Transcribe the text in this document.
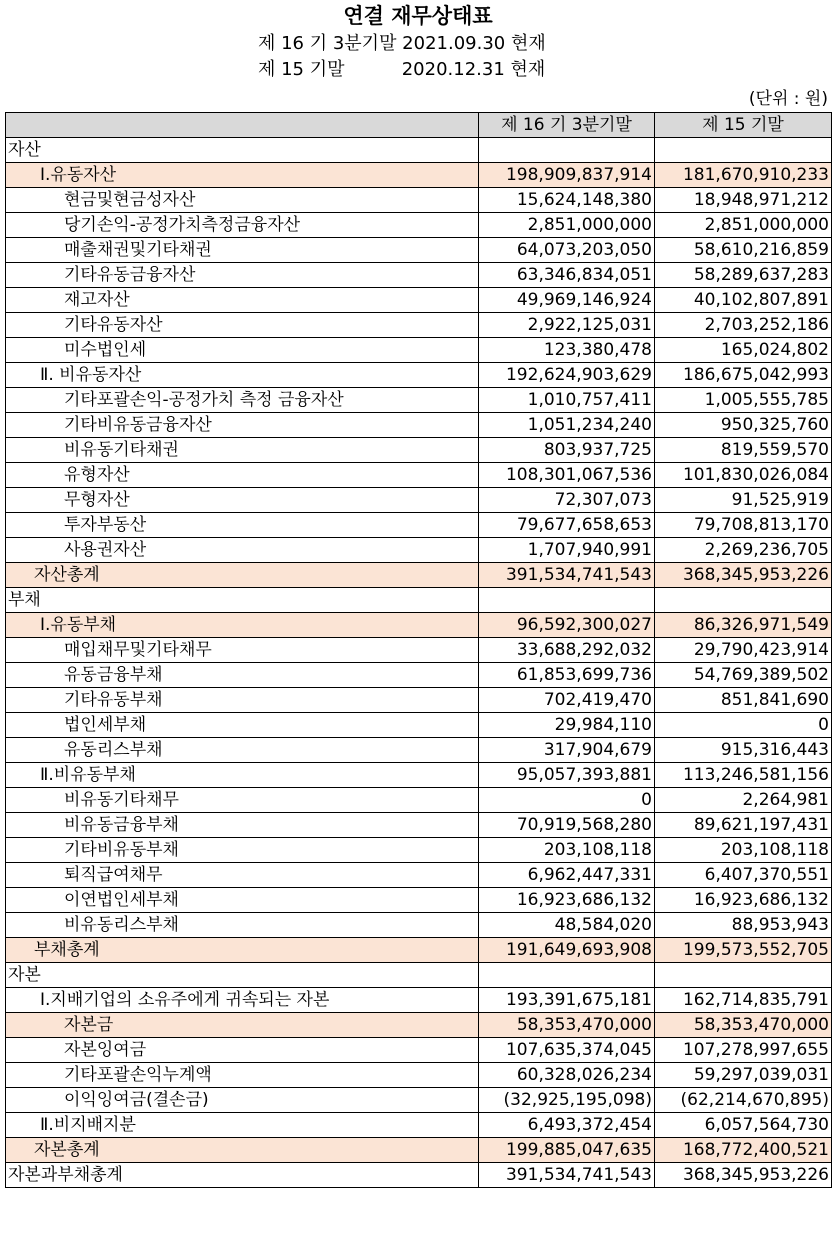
연결 재무상태표
제 16 기 3분기말 2021.09.30 현재
제 15 기말          2020.12.31 현재
(단위 : 원)
	제 16 기 3분기말	제 15 기말
자산		
Ⅰ.유동자산	198,909,837,914	181,670,910,233
현금및현금성자산	15,624,148,380	18,948,971,212
당기손익-공정가치측정금융자산	2,851,000,000	2,851,000,000
매출채권및기타채권	64,073,203,050	58,610,216,859
기타유동금융자산	63,346,834,051	58,289,637,283
재고자산	49,969,146,924	40,102,807,891
기타유동자산	2,922,125,031	2,703,252,186
미수법인세	123,380,478	165,024,802
Ⅱ. 비유동자산	192,624,903,629	186,675,042,993
기타포괄손익-공정가치 측정 금융자산	1,010,757,411	1,005,555,785
기타비유동금융자산	1,051,234,240	950,325,760
비유동기타채권	803,937,725	819,559,570
유형자산	108,301,067,536	101,830,026,084
무형자산	72,307,073	91,525,919
투자부동산	79,677,658,653	79,708,813,170
사용권자산	1,707,940,991	2,269,236,705
자산총계	391,534,741,543	368,345,953,226
부채		
Ⅰ.유동부채	96,592,300,027	86,326,971,549
매입채무및기타채무	33,688,292,032	29,790,423,914
유동금융부채	61,853,699,736	54,769,389,502
기타유동부채	702,419,470	851,841,690
법인세부채	29,984,110	0
유동리스부채	317,904,679	915,316,443
Ⅱ.비유동부채	95,057,393,881	113,246,581,156
비유동기타채무	0	2,264,981
비유동금융부채	70,919,568,280	89,621,197,431
기타비유동부채	203,108,118	203,108,118
퇴직급여채무	6,962,447,331	6,407,370,551
이연법인세부채	16,923,686,132	16,923,686,132
비유동리스부채	48,584,020	88,953,943
부채총계	191,649,693,908	199,573,552,705
자본		
Ⅰ.지배기업의 소유주에게 귀속되는 자본	193,391,675,181	162,714,835,791
자본금	58,353,470,000	58,353,470,000
자본잉여금	107,635,374,045	107,278,997,655
기타포괄손익누계액	60,328,026,234	59,297,039,031
이익잉여금(결손금)	(32,925,195,098)	(62,214,670,895)
Ⅱ.비지배지분	6,493,372,454	6,057,564,730
자본총계	199,885,047,635	168,772,400,521
자본과부채총계	391,534,741,543	368,345,953,226
